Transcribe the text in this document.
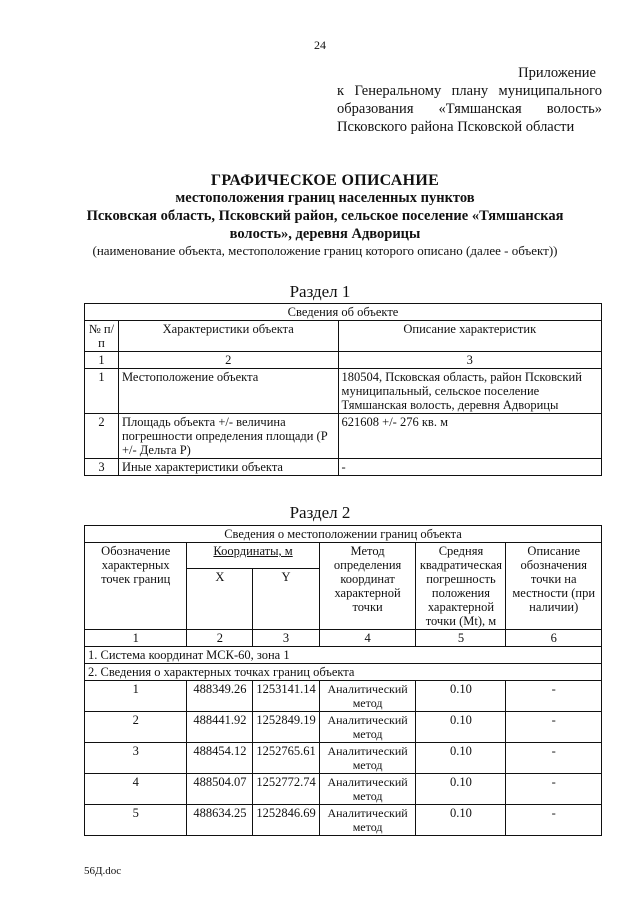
24
Приложение
к Генеральному плану муниципального
образования «Тямшанская волость»
Псковского района Псковской области
ГРАФИЧЕСКОЕ ОПИСАНИЕ
местоположения границ населенных пунктов
Псковская область, Псковский район, сельское поселение «Тямшанская
волость», деревня Адворицы
(наименование объекта, местоположение границ которого описано (далее - объект))
Раздел 1
Сведения об объекте		
№ п/п	Характеристики объекта	Описание характеристик
1	2	3
1	Местоположение объекта	180504, Псковская область, район Псковский муниципальный, сельское поселение Тямшанская волость, деревня Адворицы
2	Площадь объекта +/- величина погрешности определения площади (Р +/- Дельта Р)	621608 +/- 276 кв. м
3	Иные характеристики объекта	-
Раздел 2
Сведения о местоположении границ объекта					
Обозначение характерных точек границ	Координаты, м		Метод определения координат характерной точки	Средняя квадратическая погрешность положения характерной точки (Mt), м	Описание обозначения точки на местности (при наличии)
	X	Y			
1	2	3	4	5	6
1. Система координат МСК-60, зона 1					
2. Сведения о характерных точках границ объекта					
1	488349.26	1253141.14	Аналитический метод	0.10	-
2	488441.92	1252849.19	Аналитический метод	0.10	-
3	488454.12	1252765.61	Аналитический метод	0.10	-
4	488504.07	1252772.74	Аналитический метод	0.10	-
5	488634.25	1252846.69	Аналитический метод	0.10	-
56Д.doc
